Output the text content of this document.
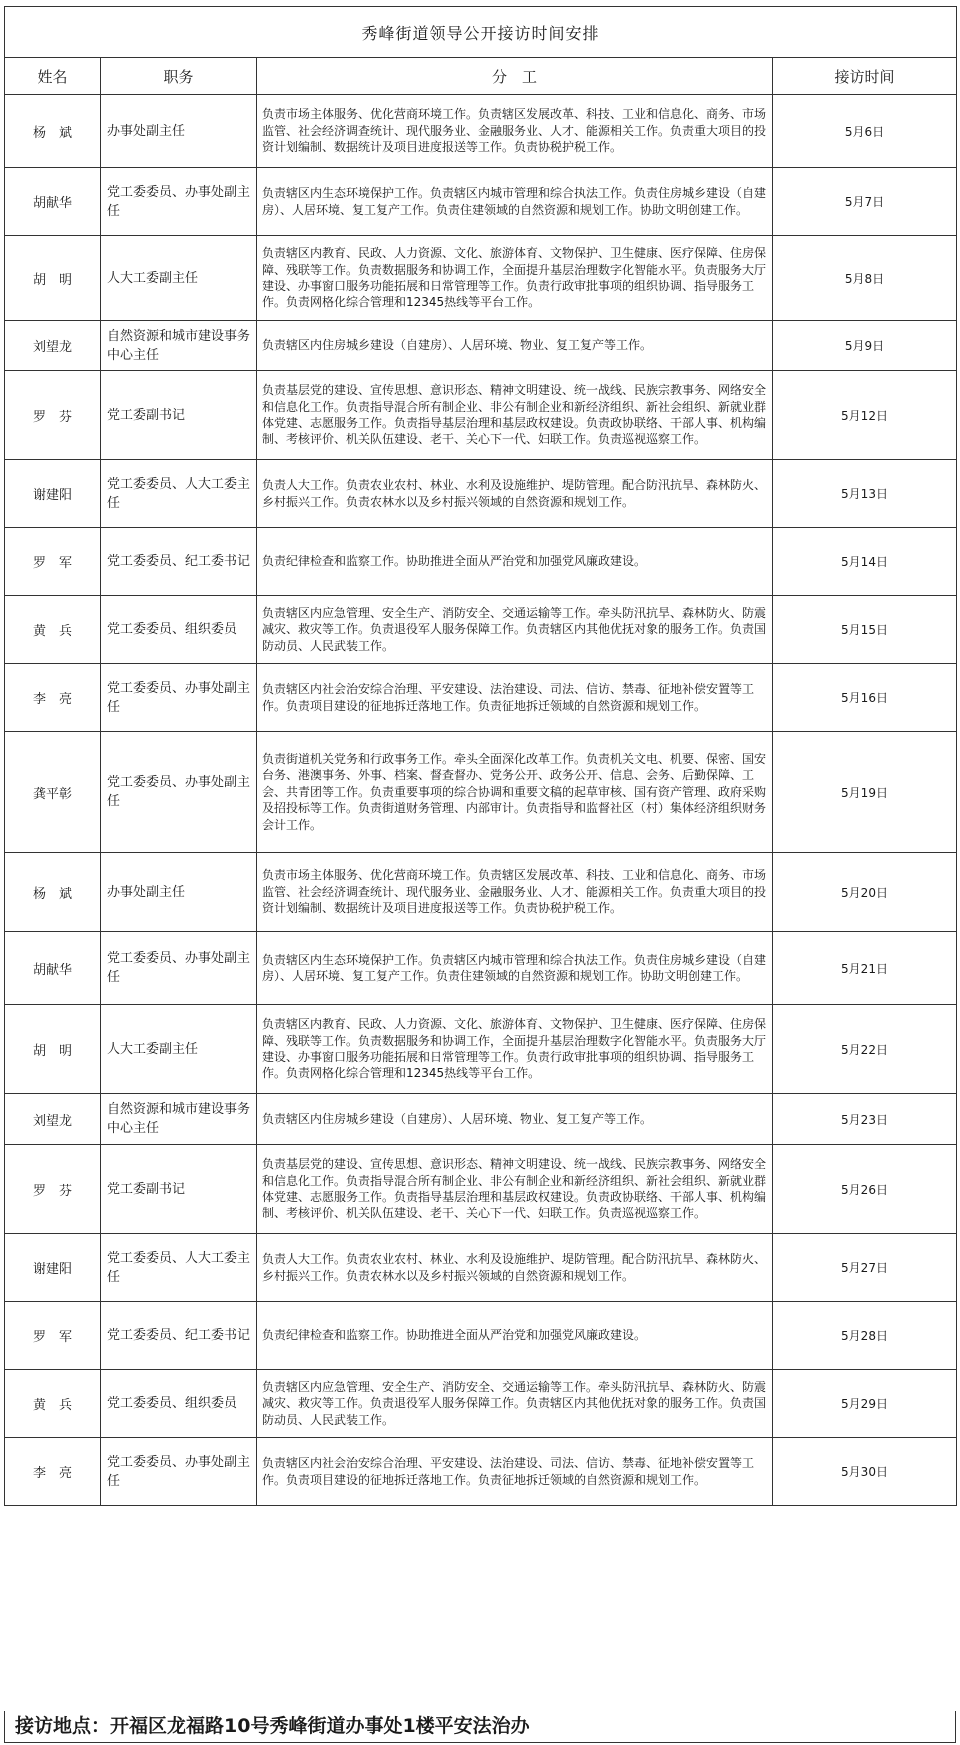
秀峰街道领导公开接访时间安排			
姓名	职务	分　工	接访时间
杨　斌	办事处副主任	负责市场主体服务、优化营商环境工作。负责辖区发展改革、科技、工业和信息化、商务、市场监管、社会经济调查统计、现代服务业、金融服务业、人才、能源相关工作。负责重大项目的投资计划编制、数据统计及项目进度报送等工作。负责协税护税工作。	5月6日
胡献华	党工委委员、办事处副主任	负责辖区内生态环境保护工作。负责辖区内城市管理和综合执法工作。负责住房城乡建设（自建房）、人居环境、复工复产工作。负责住建领域的自然资源和规划工作。协助文明创建工作。	5月7日
胡　明	人大工委副主任	负责辖区内教育、民政、人力资源、文化、旅游体育、文物保护、卫生健康、医疗保障、住房保障、残联等工作。负责数据服务和协调工作，全面提升基层治理数字化智能水平。负责服务大厅建设、办事窗口服务功能拓展和日常管理等工作。负责行政审批事项的组织协调、指导服务工作。负责网格化综合管理和12345热线等平台工作。	5月8日
刘望龙	自然资源和城市建设事务中心主任	负责辖区内住房城乡建设（自建房）、人居环境、物业、复工复产等工作。	5月9日
罗　芬	党工委副书记	负责基层党的建设、宣传思想、意识形态、精神文明建设、统一战线、民族宗教事务、网络安全和信息化工作。负责指导混合所有制企业、非公有制企业和新经济组织、新社会组织、新就业群体党建、志愿服务工作。负责指导基层治理和基层政权建设。负责政协联络、干部人事、机构编制、考核评价、机关队伍建设、老干、关心下一代、妇联工作。负责巡视巡察工作。	5月12日
谢建阳	党工委委员、人大工委主任	负责人大工作。负责农业农村、林业、水利及设施维护、堤防管理。配合防汛抗旱、森林防火、乡村振兴工作。负责农林水以及乡村振兴领域的自然资源和规划工作。	5月13日
罗　军	党工委委员、纪工委书记	负责纪律检查和监察工作。协助推进全面从严治党和加强党风廉政建设。	5月14日
黄　兵	党工委委员、组织委员	负责辖区内应急管理、安全生产、消防安全、交通运输等工作。牵头防汛抗旱、森林防火、防震减灾、救灾等工作。负责退役军人服务保障工作。负责辖区内其他优抚对象的服务工作。负责国防动员、人民武装工作。	5月15日
李　亮	党工委委员、办事处副主任	负责辖区内社会治安综合治理、平安建设、法治建设、司法、信访、禁毒、征地补偿安置等工作。负责项目建设的征地拆迁落地工作。负责征地拆迁领域的自然资源和规划工作。	5月16日
龚平彰	党工委委员、办事处副主任	负责街道机关党务和行政事务工作。牵头全面深化改革工作。负责机关文电、机要、保密、国安台务、港澳事务、外事、档案、督查督办、党务公开、政务公开、信息、会务、后勤保障、工会、共青团等工作。负责重要事项的综合协调和重要文稿的起草审核、国有资产管理、政府采购及招投标等工作。负责街道财务管理、内部审计。负责指导和监督社区（村）集体经济组织财务会计工作。	5月19日
杨　斌	办事处副主任	负责市场主体服务、优化营商环境工作。负责辖区发展改革、科技、工业和信息化、商务、市场监管、社会经济调查统计、现代服务业、金融服务业、人才、能源相关工作。负责重大项目的投资计划编制、数据统计及项目进度报送等工作。负责协税护税工作。	5月20日
胡献华	党工委委员、办事处副主任	负责辖区内生态环境保护工作。负责辖区内城市管理和综合执法工作。负责住房城乡建设（自建房）、人居环境、复工复产工作。负责住建领域的自然资源和规划工作。协助文明创建工作。	5月21日
胡　明	人大工委副主任	负责辖区内教育、民政、人力资源、文化、旅游体育、文物保护、卫生健康、医疗保障、住房保障、残联等工作。负责数据服务和协调工作，全面提升基层治理数字化智能水平。负责服务大厅建设、办事窗口服务功能拓展和日常管理等工作。负责行政审批事项的组织协调、指导服务工作。负责网格化综合管理和12345热线等平台工作。	5月22日
刘望龙	自然资源和城市建设事务中心主任	负责辖区内住房城乡建设（自建房）、人居环境、物业、复工复产等工作。	5月23日
罗　芬	党工委副书记	负责基层党的建设、宣传思想、意识形态、精神文明建设、统一战线、民族宗教事务、网络安全和信息化工作。负责指导混合所有制企业、非公有制企业和新经济组织、新社会组织、新就业群体党建、志愿服务工作。负责指导基层治理和基层政权建设。负责政协联络、干部人事、机构编制、考核评价、机关队伍建设、老干、关心下一代、妇联工作。负责巡视巡察工作。	5月26日
谢建阳	党工委委员、人大工委主任	负责人大工作。负责农业农村、林业、水利及设施维护、堤防管理。配合防汛抗旱、森林防火、乡村振兴工作。负责农林水以及乡村振兴领域的自然资源和规划工作。	5月27日
罗　军	党工委委员、纪工委书记	负责纪律检查和监察工作。协助推进全面从严治党和加强党风廉政建设。	5月28日
黄　兵	党工委委员、组织委员	负责辖区内应急管理、安全生产、消防安全、交通运输等工作。牵头防汛抗旱、森林防火、防震减灾、救灾等工作。负责退役军人服务保障工作。负责辖区内其他优抚对象的服务工作。负责国防动员、人民武装工作。	5月29日
李　亮	党工委委员、办事处副主任	负责辖区内社会治安综合治理、平安建设、法治建设、司法、信访、禁毒、征地补偿安置等工作。负责项目建设的征地拆迁落地工作。负责征地拆迁领域的自然资源和规划工作。	5月30日
接访地点：开福区龙福路10号秀峰街道办事处1楼平安法治办
